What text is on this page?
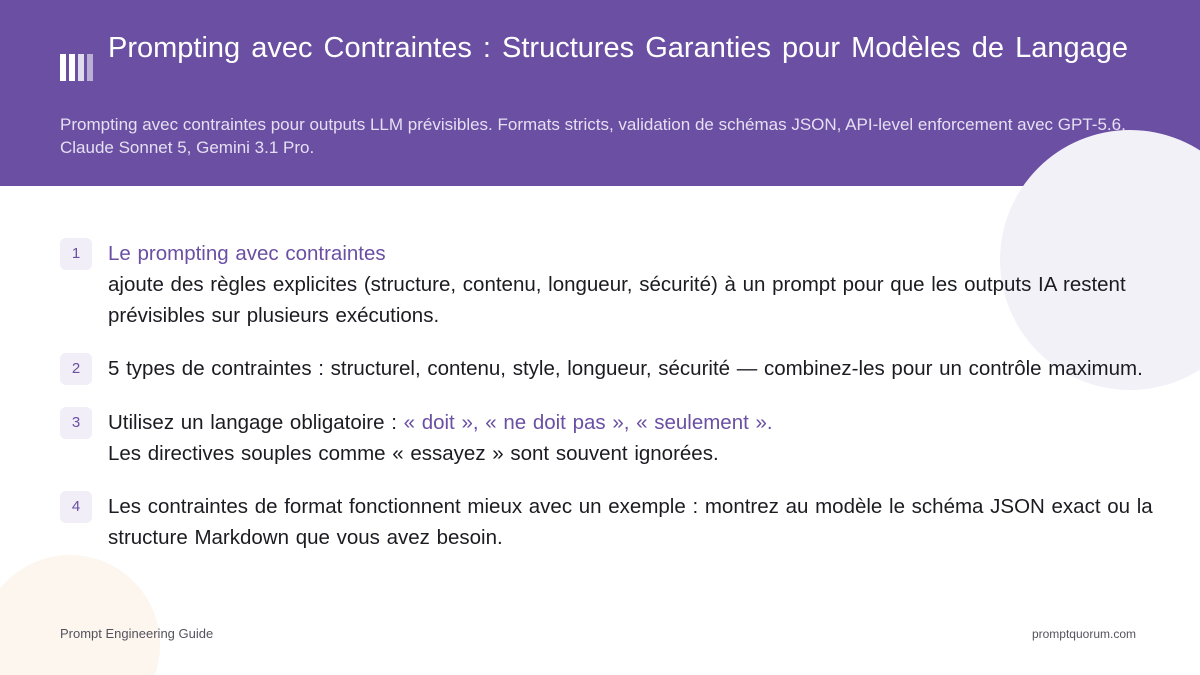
Prompting avec Contraintes : Structures Garanties pour Modèles de Langage

Prompting avec contraintes pour outputs LLM prévisibles. Formats stricts, validation de schémas JSON, API-level enforcement avec GPT-5.6, Claude Sonnet 5, Gemini 3.1 Pro.

1	Le prompting avec contraintes
ajoute des règles explicites (structure, contenu, longueur, sécurité) à un prompt pour que les outputs IA restent prévisibles sur plusieurs exécutions.
2	5 types de contraintes : structurel, contenu, style, longueur, sécurité — combinez-les pour un contrôle maximum.
3	Utilisez un langage obligatoire : « doit », « ne doit pas », « seulement ».
Les directives souples comme « essayez » sont souvent ignorées.
4	Les contraintes de format fonctionnent mieux avec un exemple : montrez au modèle le schéma JSON exact ou la structure Markdown que vous avez besoin.
Prompt Engineering Guide	promptquorum.com
